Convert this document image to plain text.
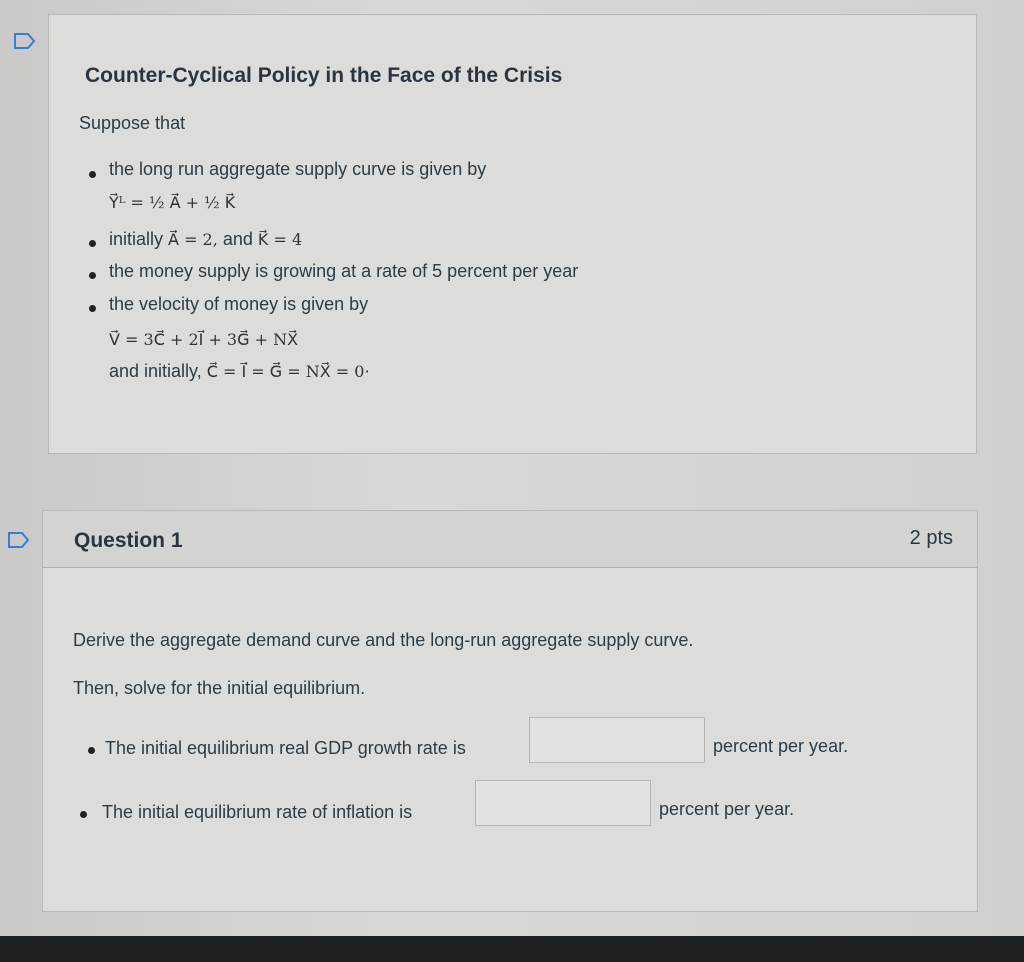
Counter-Cyclical Policy in the Face of the Crisis
Suppose that
the long run aggregate supply curve is given by
Y⃗ᴸ = ½ A⃗ + ½ K⃗
initially A⃗ = 2, and K⃗ = 4
the money supply is growing at a rate of 5 percent per year
the velocity of money is given by
V⃗ = 3C⃗ + 2I⃗ + 3G⃗ + NX⃗
and initially, C⃗ = I⃗ = G⃗ = NX⃗ = 0·
Question 1	2 pts
Derive the aggregate demand curve and the long-run aggregate supply curve.
Then, solve for the initial equilibrium.
The initial equilibrium real GDP growth rate is	percent per year.
The initial equilibrium rate of inflation is	percent per year.
